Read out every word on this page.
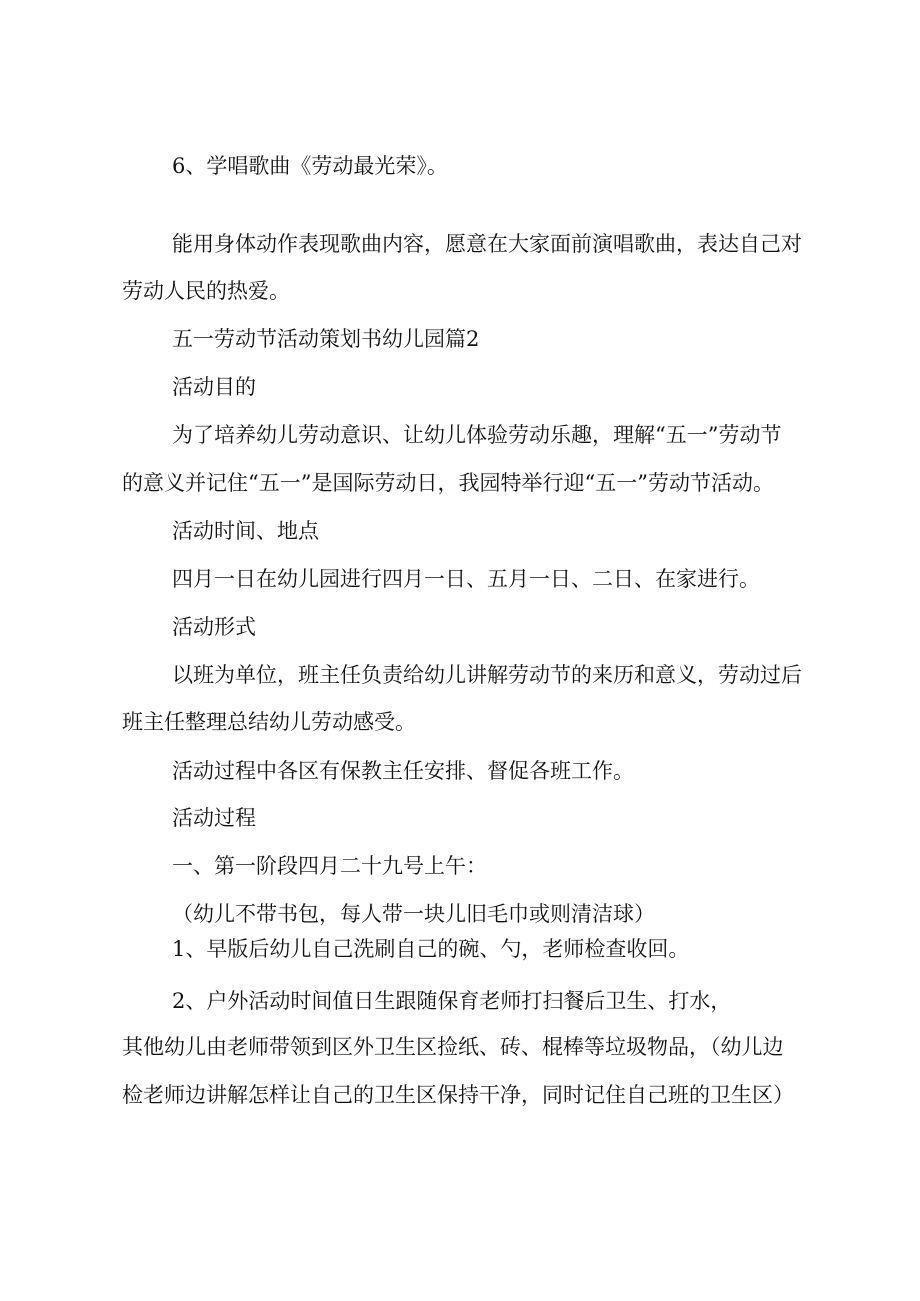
6、学唱歌曲《劳动最光荣》。
能用身体动作表现歌曲内容，愿意在大家面前演唱歌曲，表达自己对
劳动人民的热爱。
五一劳动节活动策划书幼儿园篇2
活动目的
为了培养幼儿劳动意识、让幼儿体验劳动乐趣，理解“五一”劳动节
的意义并记住“五一”是国际劳动日，我园特举行迎“五一”劳动节活动。
活动时间、地点
四月一日在幼儿园进行四月一日、五月一日、二日、在家进行。
活动形式
以班为单位，班主任负责给幼儿讲解劳动节的来历和意义，劳动过后
班主任整理总结幼儿劳动感受。
活动过程中各区有保教主任安排、督促各班工作。
活动过程
一、第一阶段四月二十九号上午：
（幼儿不带书包，每人带一块儿旧毛巾或则清洁球）
1、早版后幼儿自己洗刷自己的碗、勺，老师检查收回。
2、户外活动时间值日生跟随保育老师打扫餐后卫生、打水，
其他幼儿由老师带领到区外卫生区捡纸、砖、棍棒等垃圾物品，（幼儿边
检老师边讲解怎样让自己的卫生区保持干净，同时记住自己班的卫生区）
